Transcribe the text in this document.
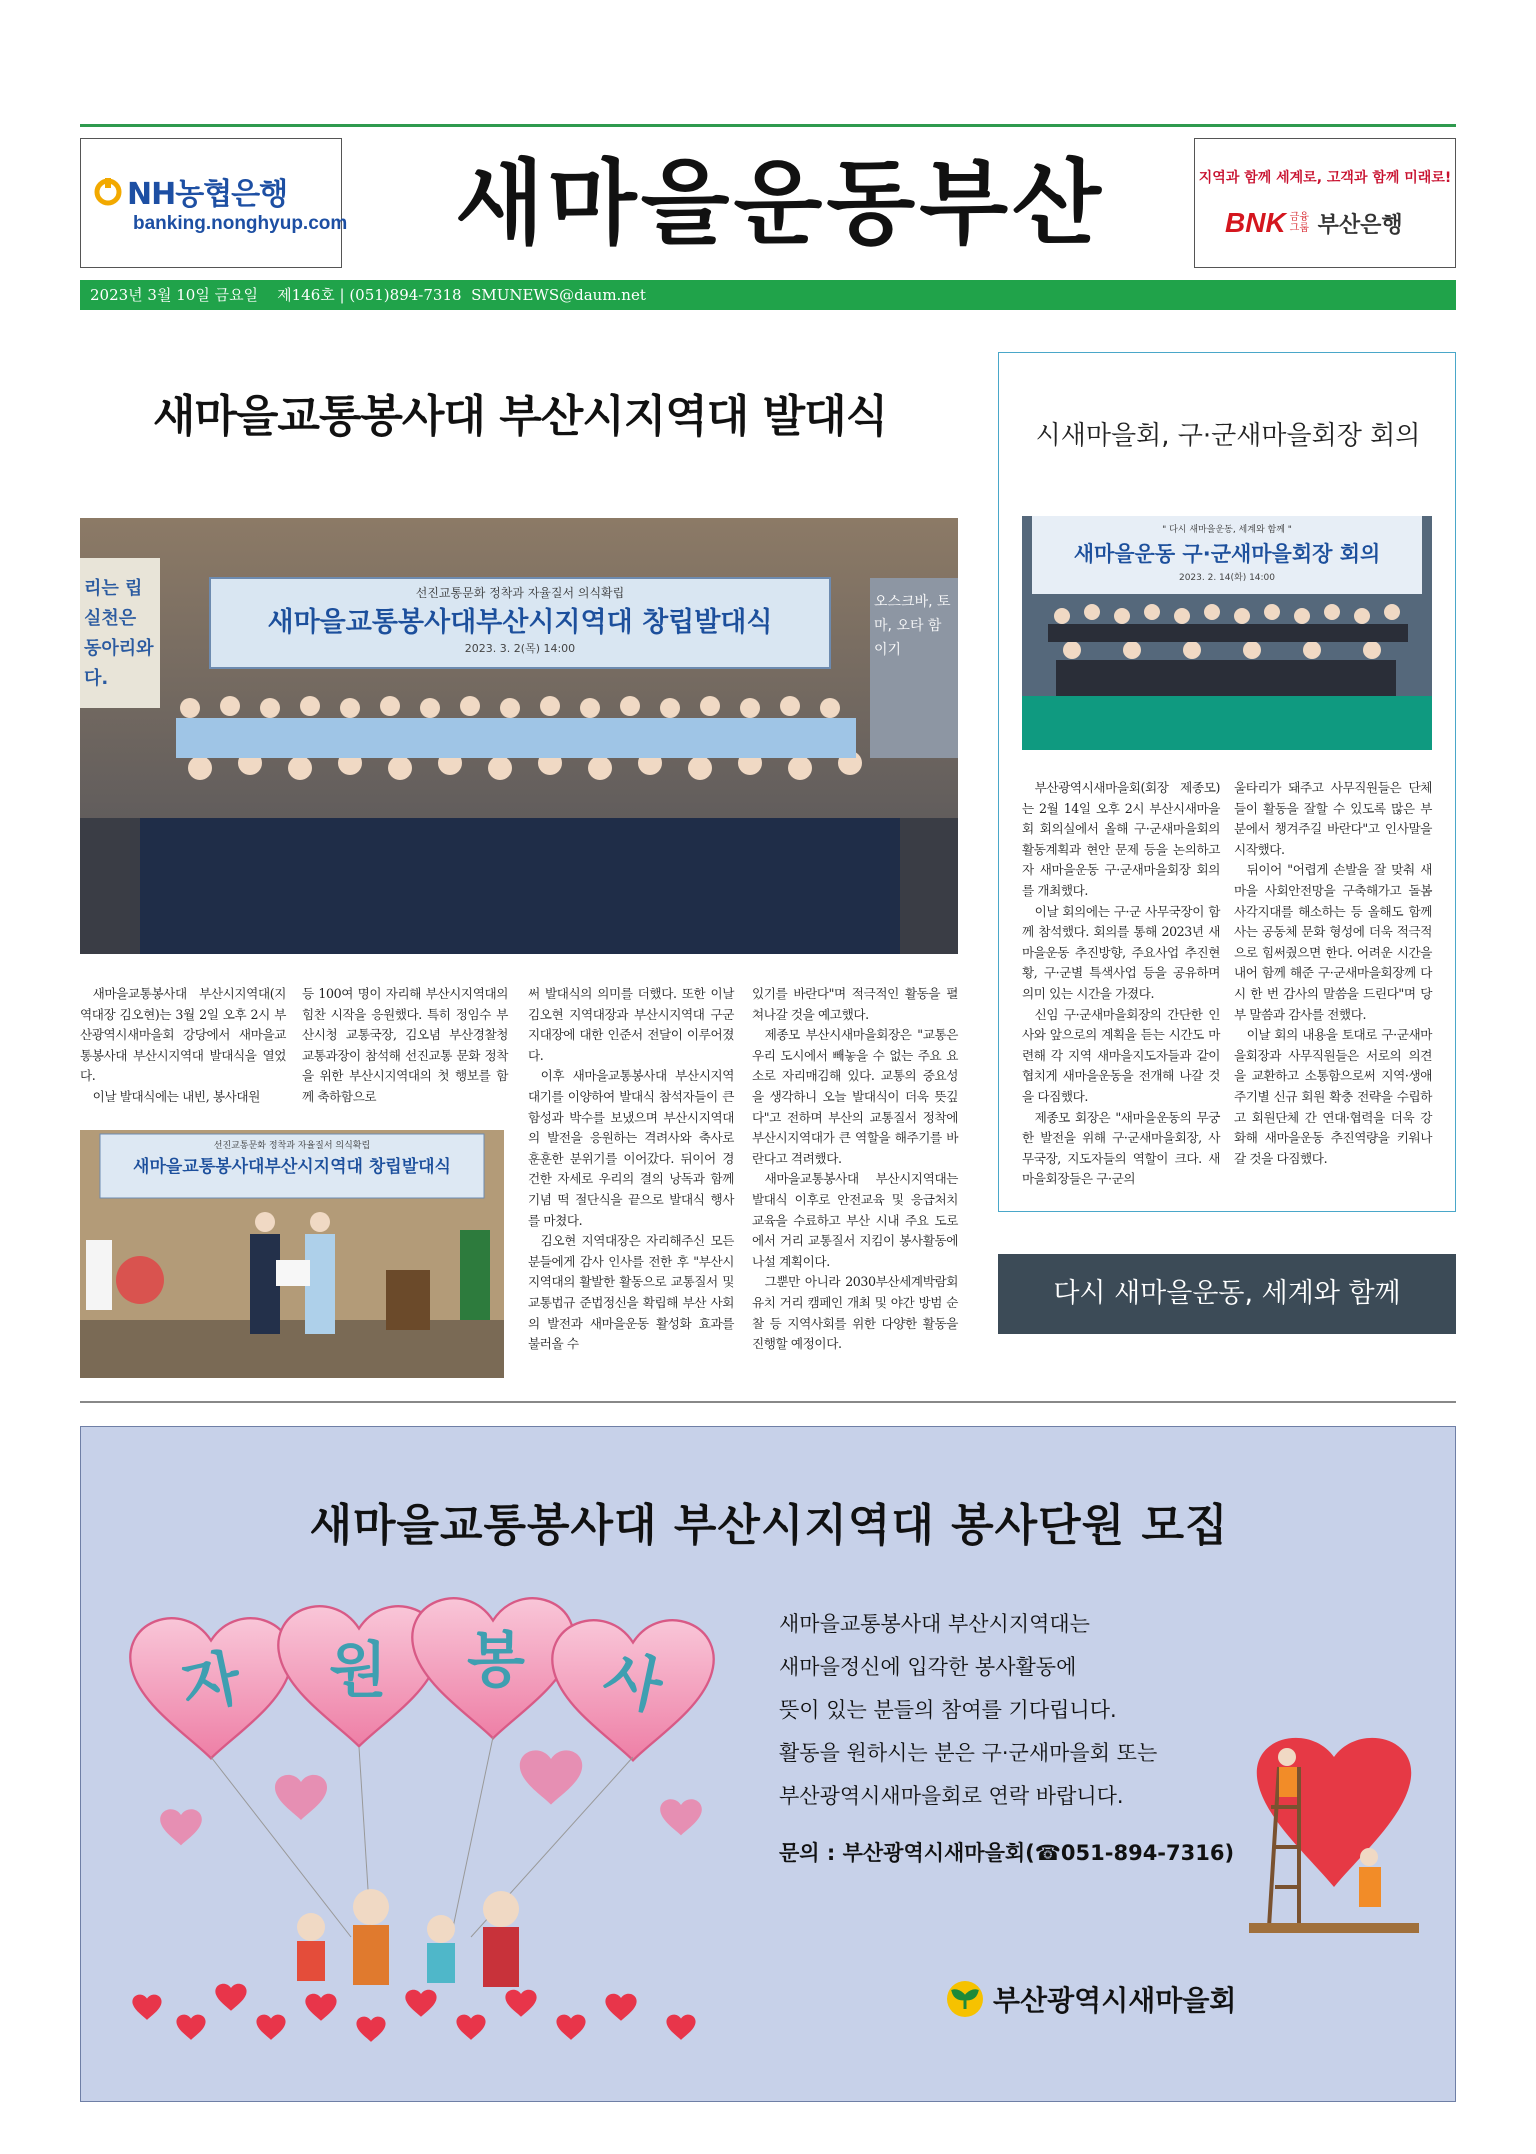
NH농협은행
banking.nonghyup.com	새마을운동부산	지역과 함께 세계로, 고객과 함께 미래로!
BNK 금융그룹 부산은행
2023년 3월 10일 금요일    제146호 | (051)894-7318  SMUNEWS@daum.net
새마을교통봉사대 부산시지역대 발대식
선진교통문화 정착과 자율질서 의식확립
새마을교통봉사대부산시지역대 창립발대식
2023. 3. 2(목) 14:00
리는 립 실천은 동아리와 다.
오스크바, 토마, 오타 함 이기

새마을교통봉사대 부산시지역대(지역대장 김오현)는 3월 2일 오후 2시 부산광역시새마을회 강당에서 새마을교통봉사대 부산시지역대 발대식을 열었다.

이날 발대식에는 내빈, 봉사대원

등 100여 명이 자리해 부산시지역대의 힘찬 시작을 응원했다. 특히 정임수 부산시청 교통국장, 김오념 부산경찰청 교통과장이 참석해 선진교통 문화 정착을 위한 부산시지역대의 첫 행보를 함께 축하함으로

선진교통문화 정착과 자율질서 의식확립
새마을교통봉사대부산시지역대 창립발대식

써 발대식의 의미를 더했다. 또한 이날 김오현 지역대장과 부산시지역대 구군 지대장에 대한 인준서 전달이 이루어졌다.

이후 새마을교통봉사대 부산시지역대기를 이양하여 발대식 참석자들이 큰 함성과 박수를 보냈으며 부산시지역대의 발전을 응원하는 격려사와 축사로 훈훈한 분위기를 이어갔다. 뒤이어 경건한 자세로 우리의 결의 낭독과 함께 기념 떡 절단식을 끝으로 발대식 행사를 마쳤다.

김오현 지역대장은 자리해주신 모든 분들에게 감사 인사를 전한 후 "부산시지역대의 활발한 활동으로 교통질서 및 교통법규 준법정신을 확립해 부산 사회의 발전과 새마을운동 활성화 효과를 불러올 수

있기를 바란다"며 적극적인 활동을 펼쳐나갈 것을 예고했다.

제종모 부산시새마을회장은 "교통은 우리 도시에서 빼놓을 수 없는 주요 요소로 자리매김해 있다. 교통의 중요성을 생각하니 오늘 발대식이 더욱 뜻깊다"고 전하며 부산의 교통질서 정착에 부산시지역대가 큰 역할을 해주기를 바란다고 격려했다.

새마을교통봉사대 부산시지역대는 발대식 이후로 안전교육 및 응급처치 교육을 수료하고 부산 시내 주요 도로에서 거리 교통질서 지킴이 봉사활동에 나설 계획이다.

그뿐만 아니라 2030부산세계박람회 유치 거리 캠페인 개최 및 야간 방범 순찰 등 지역사회를 위한 다양한 활동을 진행할 예정이다.

시새마을회, 구·군새마을회장 회의
" 다시 새마을운동, 세계와 함께 "
새마을운동 구·군새마을회장 회의
2023. 2. 14(화) 14:00

부산광역시새마을회(회장 제종모)는 2월 14일 오후 2시 부산시새마을회 회의실에서 올해 구·군새마을회의 활동계획과 현안 문제 등을 논의하고자 새마을운동 구·군새마을회장 회의를 개최했다.

이날 회의에는 구·군 사무국장이 함께 참석했다. 회의를 통해 2023년 새마을운동 추진방향, 주요사업 추진현황, 구·군별 특색사업 등을 공유하며 의미 있는 시간을 가졌다.

신임 구·군새마을회장의 간단한 인사와 앞으로의 계획을 듣는 시간도 마련해 각 지역 새마을지도자들과 같이 협치게 새마을운동을 전개해 나갈 것을 다짐했다.

제종모 회장은 "새마을운동의 무궁한 발전을 위해 구·군새마을회장, 사무국장, 지도자들의 역할이 크다. 새마을회장들은 구·군의

울타리가 돼주고 사무직원들은 단체들이 활동을 잘할 수 있도록 많은 부분에서 챙겨주길 바란다"고 인사말을 시작했다.

뒤이어 "어렵게 손발을 잘 맞춰 새마을 사회안전망을 구축해가고 돌봄 사각지대를 해소하는 등 올해도 함께 사는 공동체 문화 형성에 더욱 적극적으로 힘써줬으면 한다. 어려운 시간을 내어 함께 해준 구·군새마을회장께 다시 한 번 감사의 말씀을 드린다"며 당부 말씀과 감사를 전했다.

이날 회의 내용을 토대로 구·군새마을회장과 사무직원들은 서로의 의견을 교환하고 소통함으로써 지역·생애주기별 신규 회원 확충 전략을 수립하고 회원단체 간 연대·협력을 더욱 강화해 새마을운동 추진역량을 키워나갈 것을 다짐했다.

다시 새마을운동, 세계와 함께
새마을교통봉사대 부산시지역대 봉사단원 모집
자 원 봉 사
새마을교통봉사대 부산시지역대는
새마을정신에 입각한 봉사활동에
뜻이 있는 분들의 참여를 기다립니다.
활동을 원하시는 분은 구·군새마을회 또는
부산광역시새마을회로 연락 바랍니다.
문의 : 부산광역시새마을회(☎051-894-7316)
부산광역시새마을회
